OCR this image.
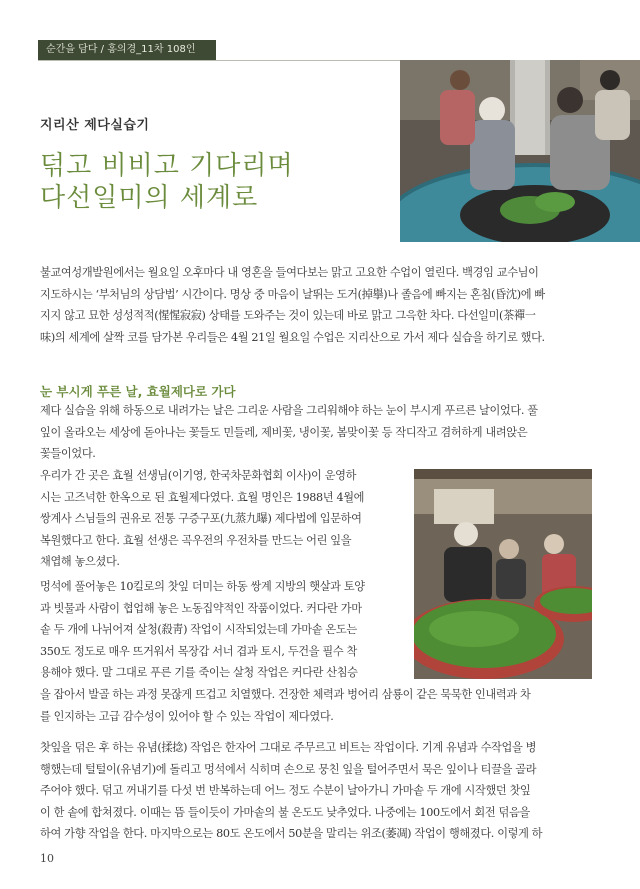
순간을 담다 / 홍의경_11차 108인
지리산 제다실습기
덖고 비비고 기다리며
다선일미의 세계로
불교여성개발원에서는 월요일 오후마다 내 영혼을 들여다보는 맑고 고요한 수업이 열린다. 백경임 교수님이
지도하시는 ‘부처님의 상담법’ 시간이다. 명상 중 마음이 날뛰는 도거(掉擧)나 졸음에 빠지는 혼침(昏沈)에 빠
지지 않고 묘한 성성적적(惺惺寂寂) 상태를 도와주는 것이 있는데 바로 맑고 그윽한 차다. 다선일미(茶禪一
味)의 세계에 살짝 코를 담가본 우리들은 4월 21일 월요일 수업은 지리산으로 가서 제다 실습을 하기로 했다.
눈 부시게 푸른 날, 효월제다로 가다
제다 실습을 위해 하동으로 내려가는 날은 그리운 사람을 그리워해야 하는 눈이 부시게 푸르른 날이었다. 풀
잎이 올라오는 세상에 돋아나는 꽃들도 민들레, 제비꽃, 냉이꽃, 봄맞이꽃 등 작디작고 겸허하게 내려앉은
꽃들이었다.
우리가 간 곳은 효월 선생님(이기영, 한국차문화협회 이사)이 운영하
시는 고즈넉한 한옥으로 된 효월제다였다. 효월 명인은 1988년 4월에
쌍계사 스님들의 권유로 전통 구증구포(九蒸九曝) 제다법에 입문하여
복원했다고 한다. 효월 선생은 곡우전의 우전차를 만드는 어린 잎을
채엽해 놓으셨다.
멍석에 풀어놓은 10킬로의 찻잎 더미는 하동 쌍계 지방의 햇살과 토양
과 빗물과 사람이 협업해 놓은 노동집약적인 작품이었다. 커다란 가마
솥 두 개에 나뉘어져 살청(殺靑) 작업이 시작되었는데 가마솥 온도는
350도 정도로 매우 뜨거워서 목장갑 서너 겹과 토시, 두건을 필수 착
용해야 했다. 말 그대로 푸른 기를 죽이는 살청 작업은 커다란 산침승
을 잡아서 발골 하는 과정 못잖게 뜨겁고 치열했다. 건장한 체력과 벙어리 삼룡이 같은 묵묵한 인내력과 차
를 인지하는 고급 감수성이 있어야 할 수 있는 작업이 제다였다.
찻잎을 덖은 후 하는 유념(揉捻) 작업은 한자어 그대로 주무르고 비트는 작업이다. 기계 유념과 수작업을 병
행했는데 털털이(유념기)에 돌리고 멍석에서 식히며 손으로 뭉친 잎을 털어주면서 묵은 잎이나 티끌을 골라
주어야 했다. 덖고 꺼내기를 다섯 번 반복하는데 어느 정도 수분이 날아가니 가마솥 두 개에 시작했던 찻잎
이 한 솥에 합쳐졌다. 이때는 뜸 들이듯이 가마솥의 불 온도도 낮추었다. 나중에는 100도에서 회전 덖음을
하여 가향 작업을 한다. 마지막으로는 80도 온도에서 50분을 말리는 위조(萎凋) 작업이 행해졌다. 이렇게 하
10
